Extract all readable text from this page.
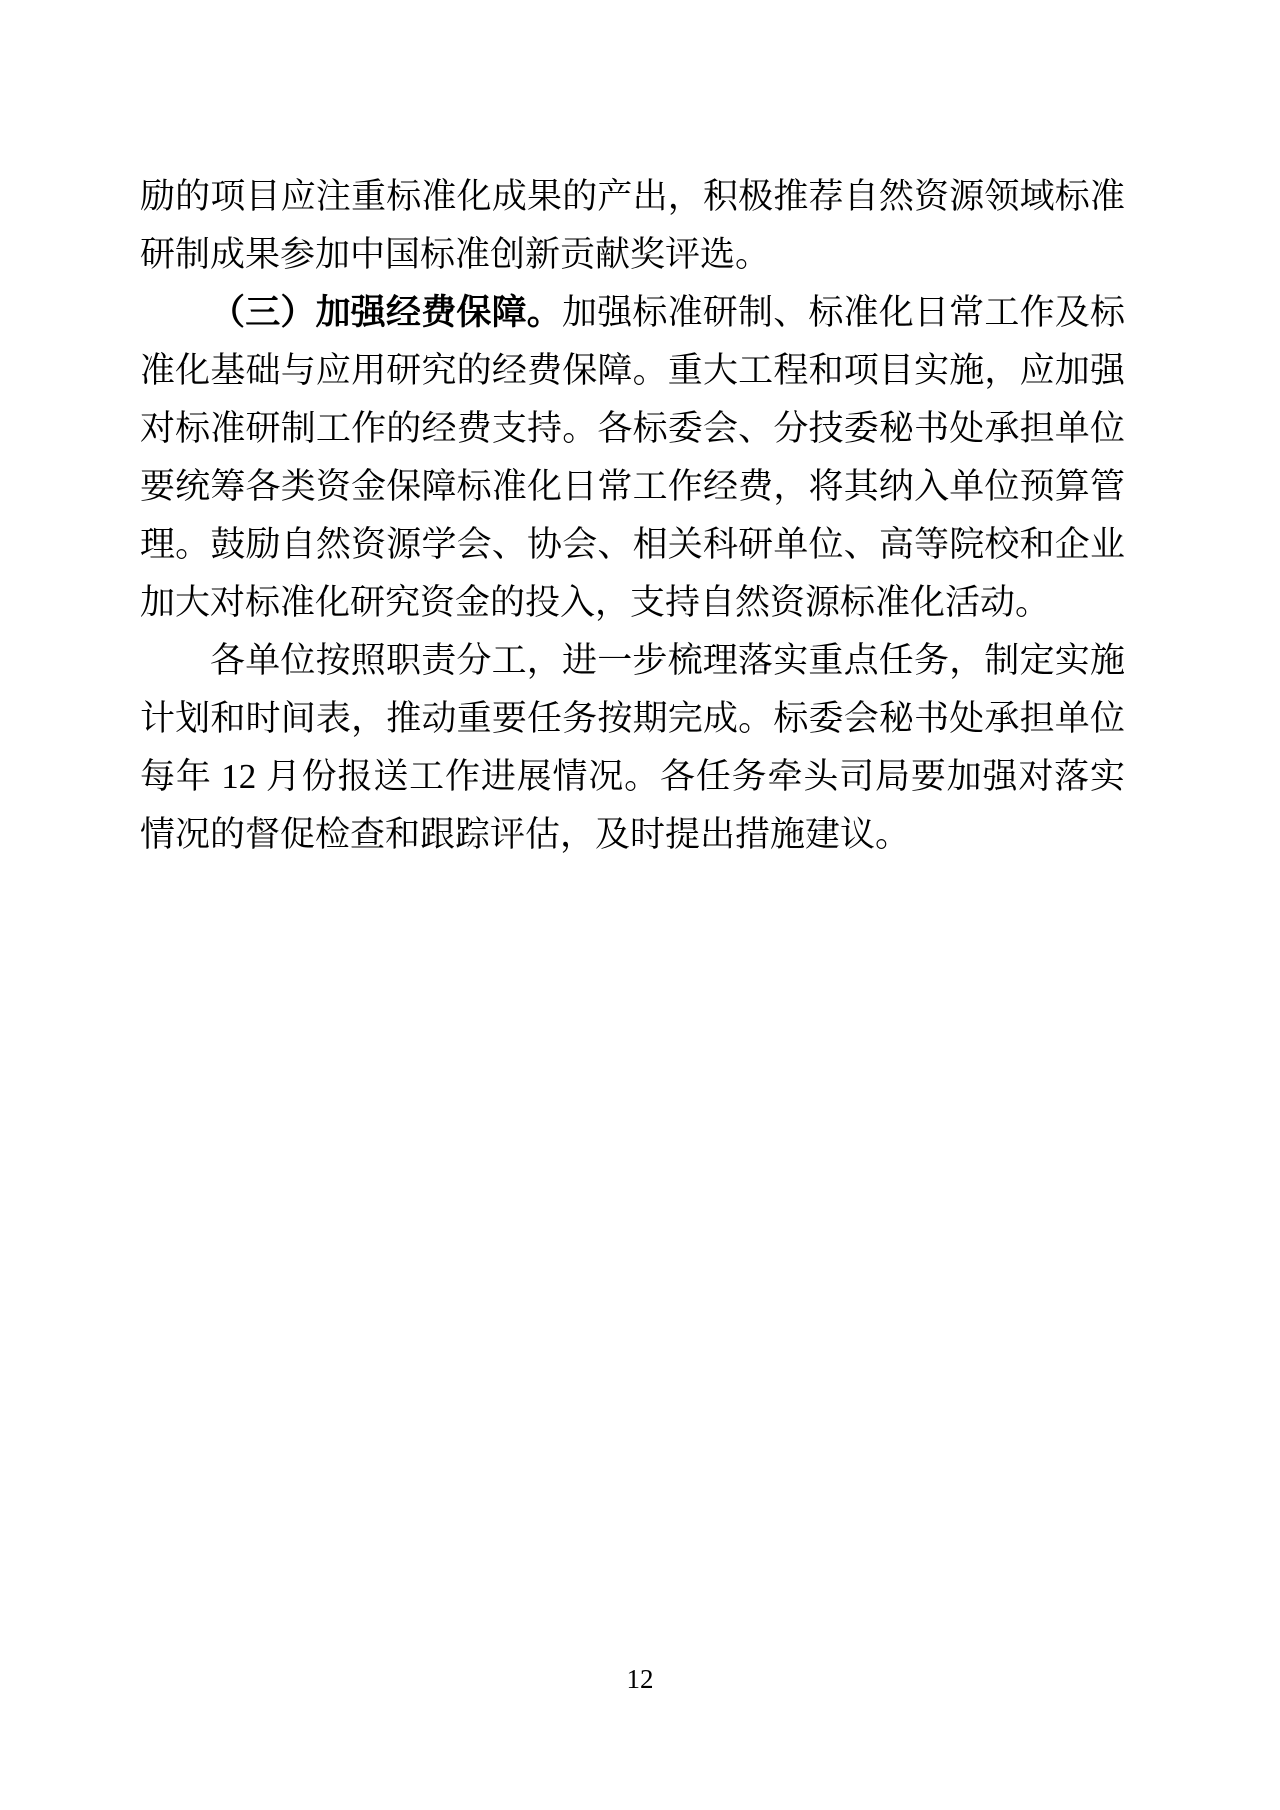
励的项目应注重标准化成果的产出，积极推荐自然资源领域标准
研制成果参加中国标准创新贡献奖评选。
（三）加强经费保障。加强标准研制、标准化日常工作及标
准化基础与应用研究的经费保障。重大工程和项目实施，应加强
对标准研制工作的经费支持。各标委会、分技委秘书处承担单位
要统筹各类资金保障标准化日常工作经费，将其纳入单位预算管
理。鼓励自然资源学会、协会、相关科研单位、高等院校和企业
加大对标准化研究资金的投入，支持自然资源标准化活动。
各单位按照职责分工，进一步梳理落实重点任务，制定实施
计划和时间表，推动重要任务按期完成。标委会秘书处承担单位
每年 12 月份报送工作进展情况。各任务牵头司局要加强对落实
情况的督促检查和跟踪评估，及时提出措施建议。
12
